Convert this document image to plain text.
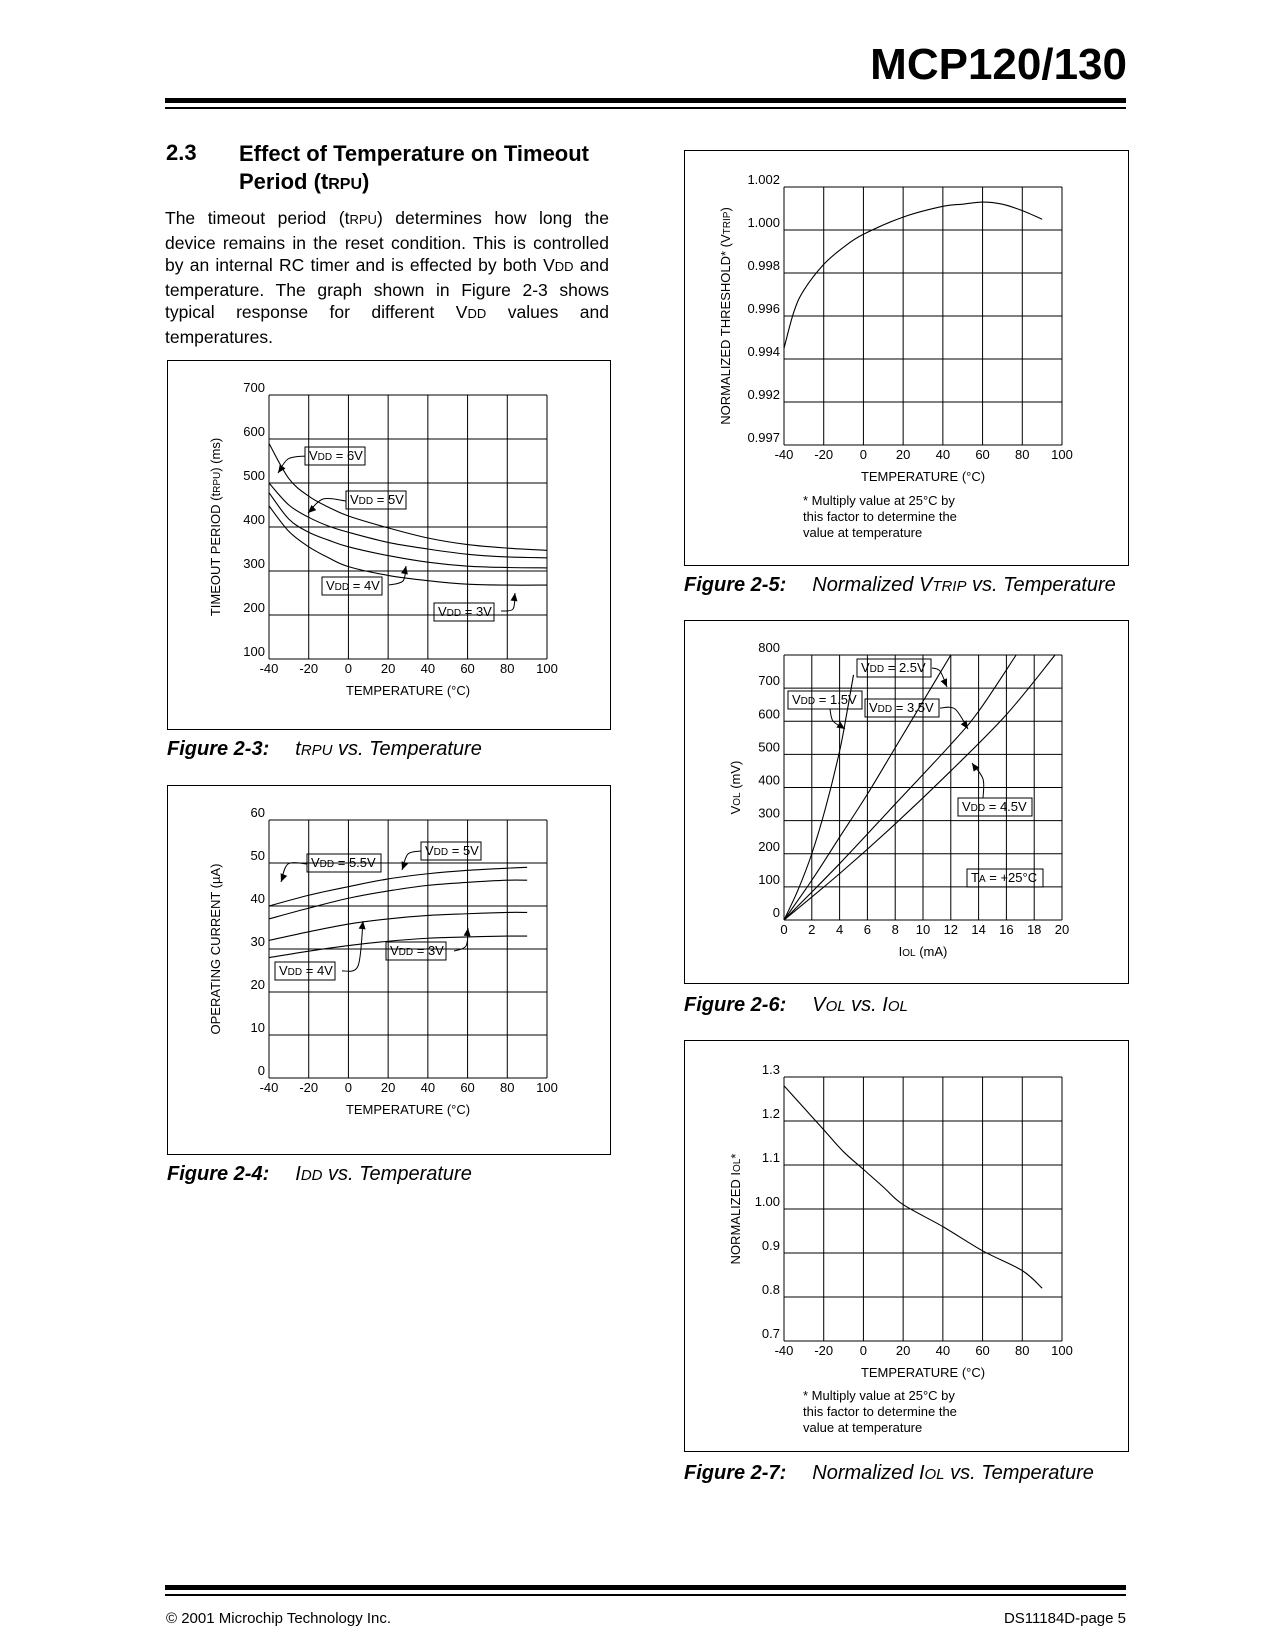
MCP120/130
2.3 Effect of Temperature on Timeout Period (tRPU)
The timeout period (tRPU) determines how long the device remains in the reset condition. This is controlled by an internal RC timer and is effected by both VDD and temperature. The graph shown in Figure 2-3 shows typical response for different VDD values and temperatures.
-40 -20 0 20 40 60 80 100
100
200
300
400
500
600
700
TEMPERATURE (°C)
TIMEOUT PERIOD (tRPU) (ms)	VDD = 6V
VDD = 5V
VDD = 4V
VDD = 3V
-40 -20 0 20 40 60 80 100
0
10
20
30
40
50
60
TEMPERATURE (°C)
OPERATING CURRENT (µA)
VDD = 5.5V
VDD = 5V
VDD = 4V
VDD = 3V
-40 -20 0 20 40 60 80 100
0.997
0.992
0.994
0.996
0.998
1.000
1.002
TEMPERATURE (°C)
NORMALIZED THRESHOLD* (VTRIP)
* Multiply value at 25°C by this factor to determine the value at temperature
0 2 4 6 8 10 12 14 16 18 20
0
100
200
300
400
500
600
700
800
IOL (mA)
VOL (mV)
VDD = 2.5V
VDD = 1.5V
VDD = 3.5V
VDD = 4.5V
TA = +25°C
-40 -20 0 20 40 60 80 100
0.7
0.8
0.9
1.00
1.1
1.2
1.3
TEMPERATURE (°C)
NORMALIZED IOL*
* Multiply value at 25°C by this factor to determine the value at temperature
Figure 2-3: tRPU vs. Temperature
Figure 2-4: IDD vs. Temperature
Figure 2-5: Normalized VTRIP vs. Temperature
Figure 2-6: VOL vs. IOL
Figure 2-7: Normalized IOL vs. Temperature
© 2001 Microchip Technology Inc.	DS11184D-page 5
